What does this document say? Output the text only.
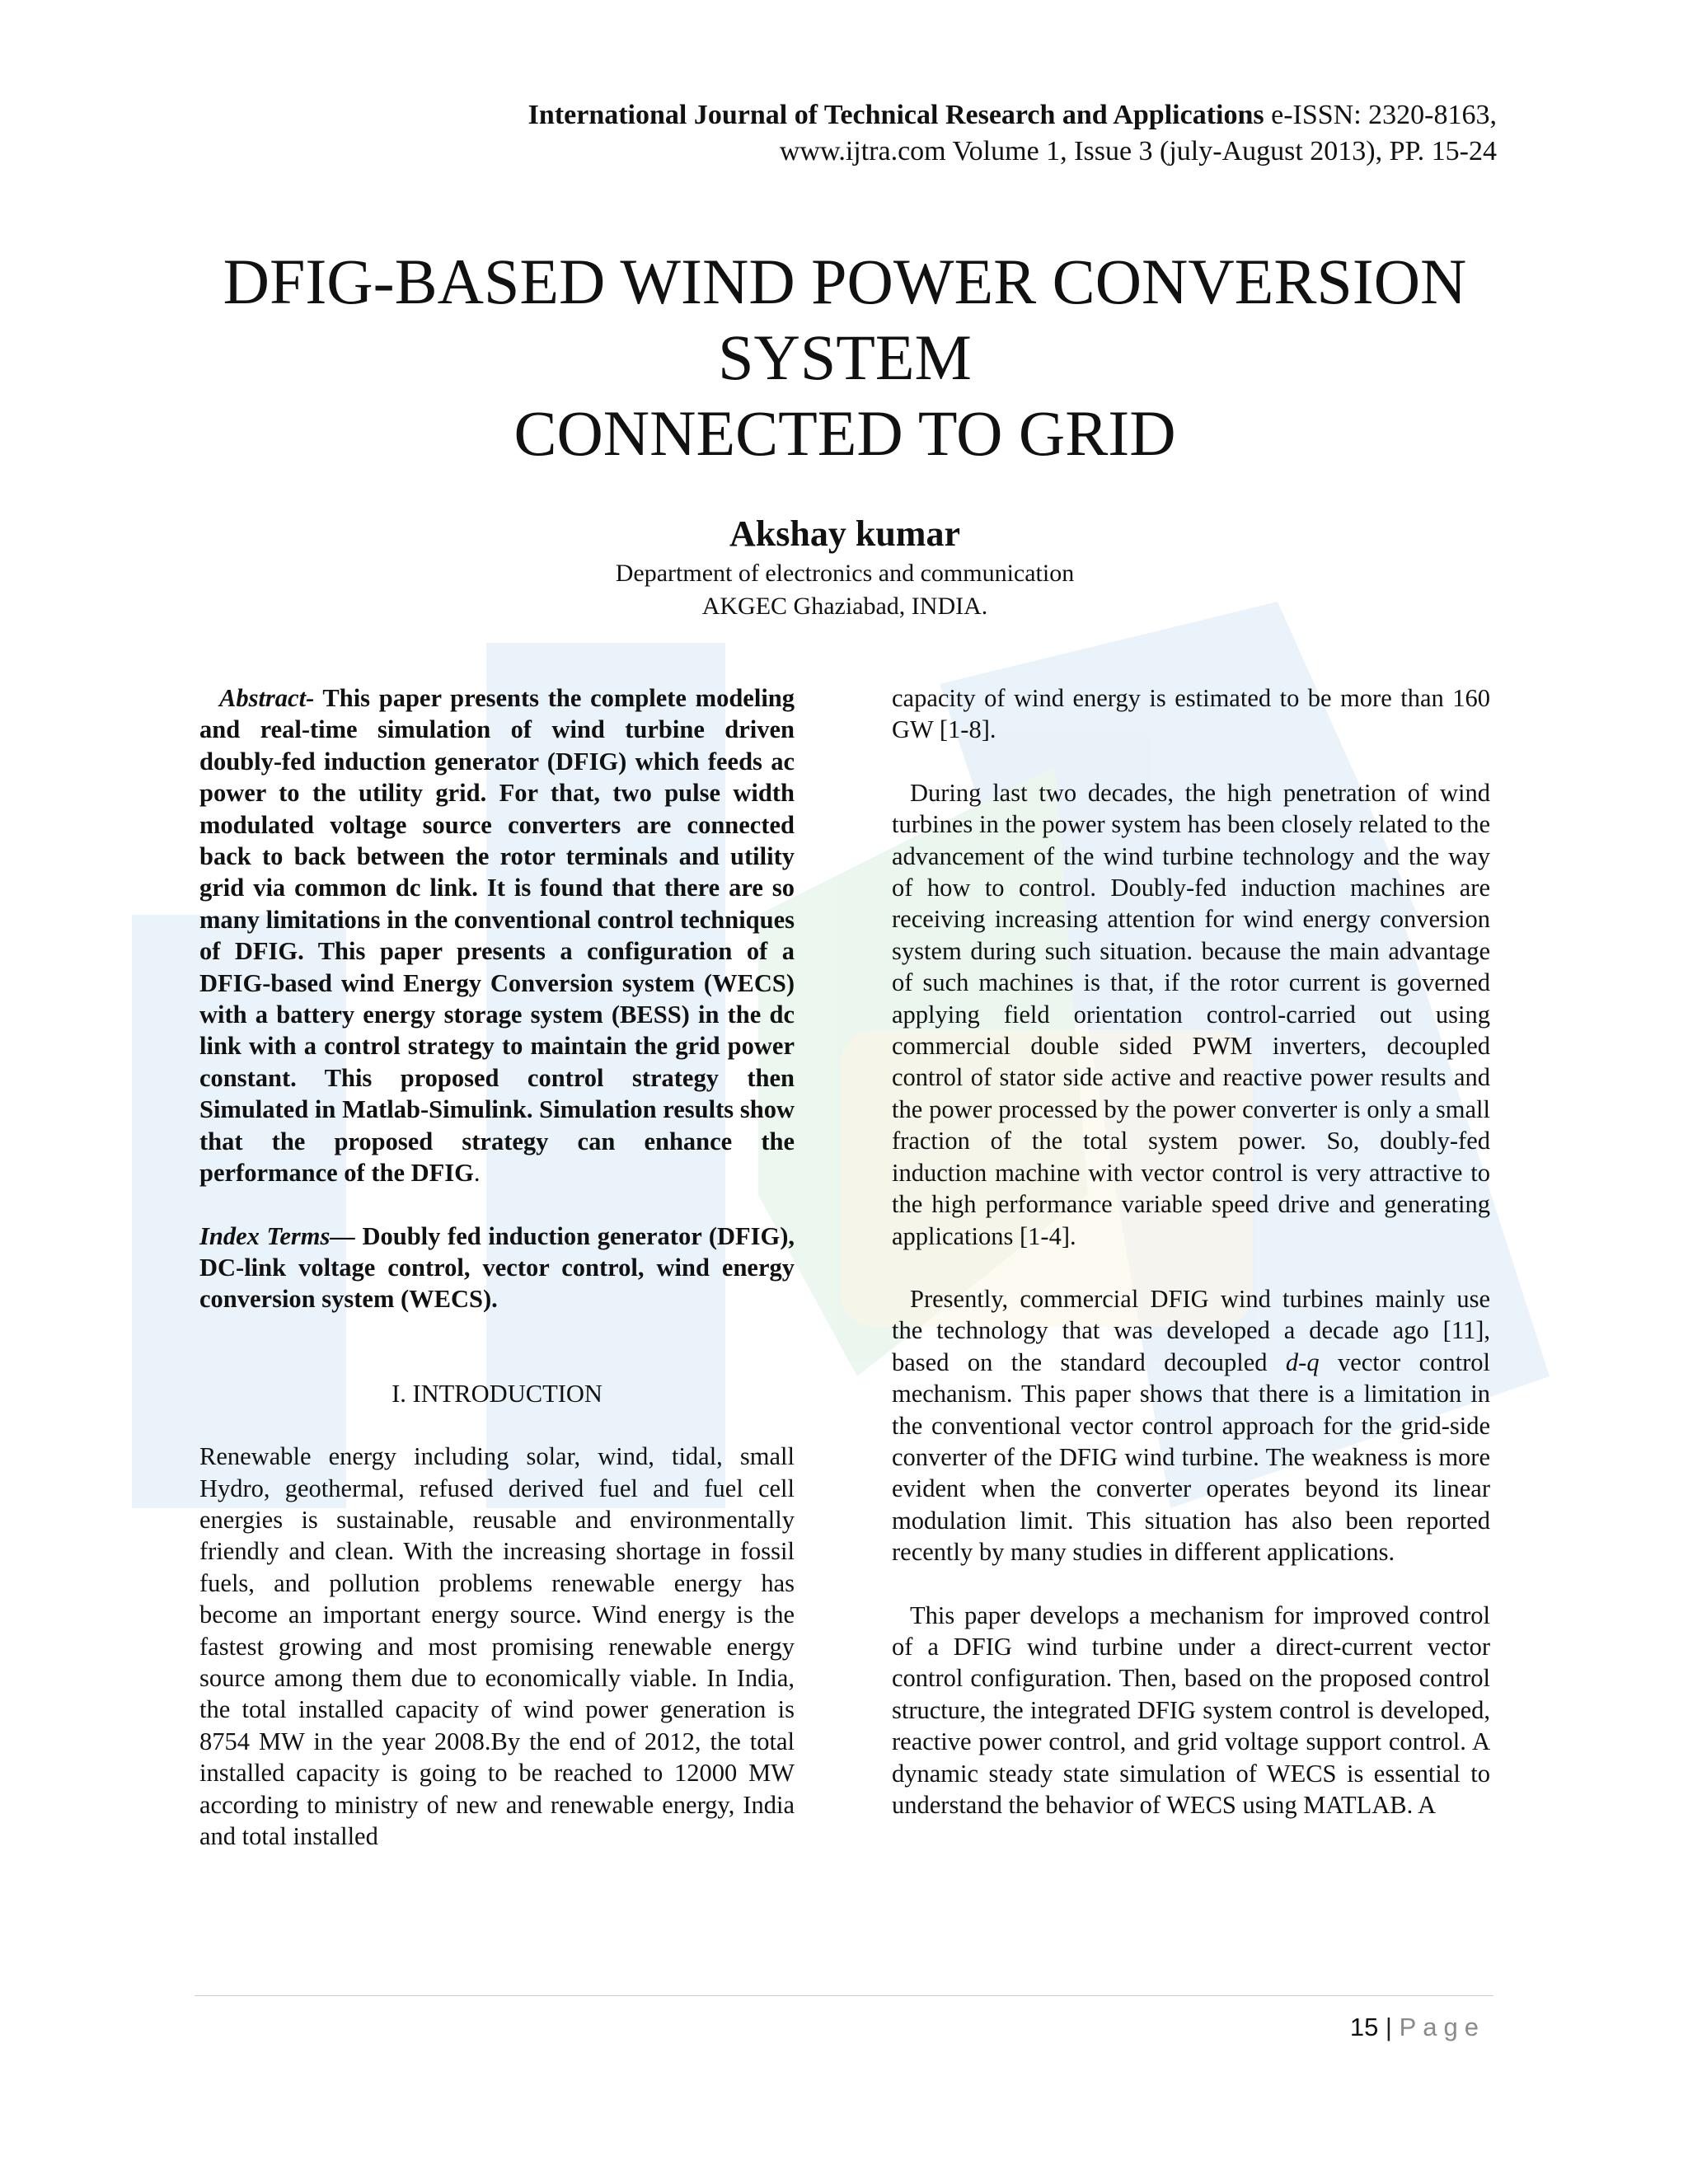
International Journal of Technical Research and Applications e-ISSN: 2320-8163,
www.ijtra.com Volume 1, Issue 3 (july-August 2013), PP. 15-24
DFIG-BASED WIND POWER CONVERSION
SYSTEM
CONNECTED TO GRID
Akshay kumar
Department of electronics and communication
AKGEC Ghaziabad, INDIA.

Abstract- This paper presents the complete modeling and real-time simulation of wind turbine driven doubly-fed induction generator (DFIG) which feeds ac power to the utility grid. For that, two pulse width modulated voltage source converters are connected back to back between the rotor terminals and utility grid via common dc link. It is found that there are so many limitations in the conventional control techniques of DFIG. This paper presents a configuration of a DFIG-based wind Energy Conversion system (WECS) with a battery energy storage system (BESS) in the dc link with a control strategy to maintain the grid power constant. This proposed control strategy then Simulated in Matlab-Simulink. Simulation results show that the proposed strategy can enhance the performance of the DFIG.

Index Terms— Doubly fed induction generator (DFIG), DC-link voltage control, vector control, wind energy conversion system (WECS).

I. INTRODUCTION

Renewable energy including solar, wind, tidal, small Hydro, geothermal, refused derived fuel and fuel cell energies is sustainable, reusable and environmentally friendly and clean. With the increasing shortage in fossil fuels, and pollution problems renewable energy has become an important energy source. Wind energy is the fastest growing and most promising renewable energy source among them due to economically viable. In India, the total installed capacity of wind power generation is 8754 MW in the year 2008.By the end of 2012, the total installed capacity is going to be reached to 12000 MW according to ministry of new and renewable energy, India and total installed

capacity of wind energy is estimated to be more than 160 GW [1-8].

During last two decades, the high penetration of wind turbines in the power system has been closely related to the advancement of the wind turbine technology and the way of how to control. Doubly-fed induction machines are receiving increasing attention for wind energy conversion system during such situation. because the main advantage of such machines is that, if the rotor current is governed applying field orientation control-carried out using commercial double sided PWM inverters, decoupled control of stator side active and reactive power results and the power processed by the power converter is only a small fraction of the total system power. So, doubly-fed induction machine with vector control is very attractive to the high performance variable speed drive and generating applications [1-4].

Presently, commercial DFIG wind turbines mainly use the technology that was developed a decade ago [11], based on the standard decoupled d-q vector control mechanism. This paper shows that there is a limitation in the conventional vector control approach for the grid-side converter of the DFIG wind turbine. The weakness is more evident when the converter operates beyond its linear modulation limit. This situation has also been reported recently by many studies in different applications.

This paper develops a mechanism for improved control of a DFIG wind turbine under a direct-current vector control configuration. Then, based on the proposed control structure, the integrated DFIG system control is developed, reactive power control, and grid voltage support control. A dynamic steady state simulation of WECS is essential to understand the behavior of WECS using MATLAB. A

15 | Page
